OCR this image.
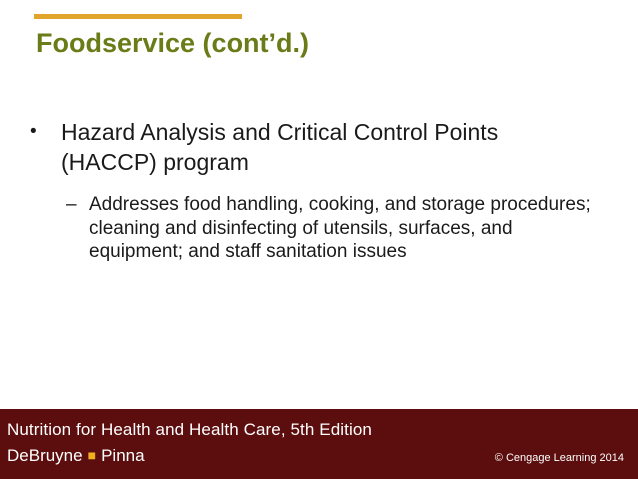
Foodservice (cont’d.)
•	Hazard Analysis and Critical Control Points (HACCP) program
– Addresses food handling, cooking, and storage procedures; cleaning and disinfecting of utensils, surfaces, and equipment; and staff sanitation issues
Nutrition for Health and Health Care, 5th Edition
DeBruyne ■ Pinna	© Cengage Learning 2014
